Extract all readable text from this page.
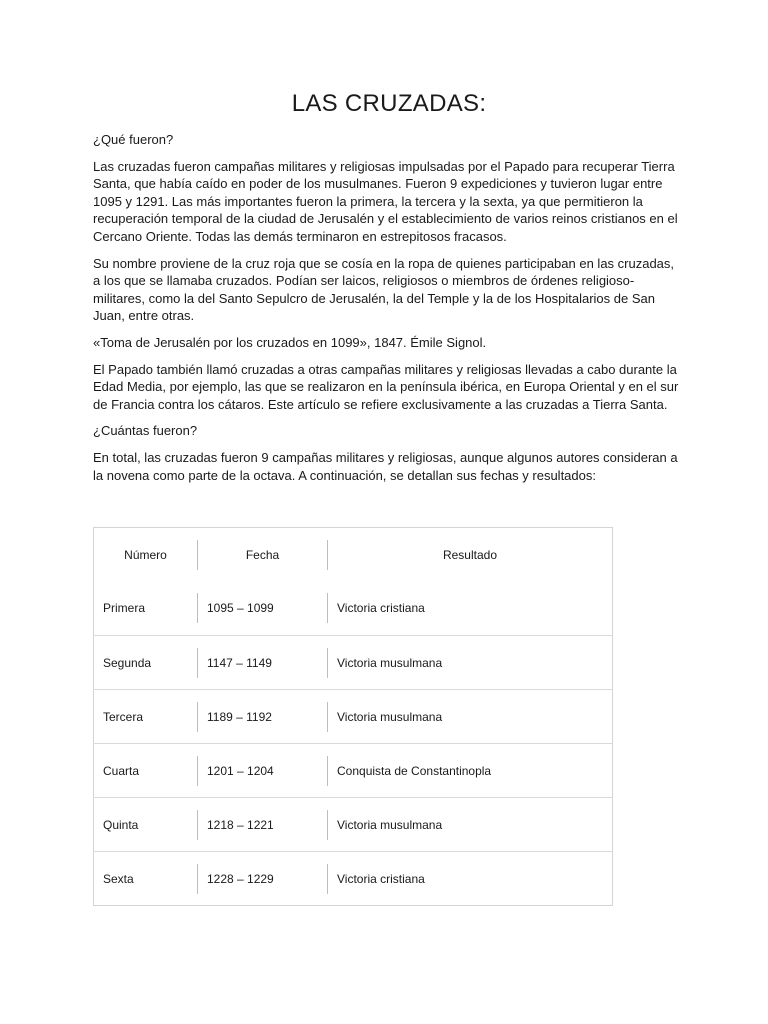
LAS CRUZADAS:

¿Qué fueron?

Las cruzadas fueron campañas militares y religiosas impulsadas por el Papado para recuperar Tierra Santa, que había caído en poder de los musulmanes. Fueron 9 expediciones y tuvieron lugar entre 1095 y 1291. Las más importantes fueron la primera, la tercera y la sexta, ya que permitieron la recuperación temporal de la ciudad de Jerusalén y el establecimiento de varios reinos cristianos en el Cercano Oriente. Todas las demás terminaron en estrepitosos fracasos.

Su nombre proviene de la cruz roja que se cosía en la ropa de quienes participaban en las cruzadas, a los que se llamaba cruzados. Podían ser laicos, religiosos o miembros de órdenes religioso-militares, como la del Santo Sepulcro de Jerusalén, la del Temple y la de los Hospitalarios de San Juan, entre otras.

«Toma de Jerusalén por los cruzados en 1099», 1847. Émile Signol.

El Papado también llamó cruzadas a otras campañas militares y religiosas llevadas a cabo durante la Edad Media, por ejemplo, las que se realizaron en la península ibérica, en Europa Oriental y en el sur de Francia contra los cátaros. Este artículo se refiere exclusivamente a las cruzadas a Tierra Santa.

¿Cuántas fueron?

En total, las cruzadas fueron 9 campañas militares y religiosas, aunque algunos autores consideran a la novena como parte de la octava. A continuación, se detallan sus fechas y resultados:

Número	Fecha	Resultado

Primera	1095 – 1099	Victoria cristiana

Segunda	1147 – 1149	Victoria musulmana

Tercera	1189 – 1192	Victoria musulmana

Cuarta	1201 – 1204	Conquista de Constantinopla

Quinta	1218 – 1221	Victoria musulmana

Sexta	1228 – 1229	Victoria cristiana
